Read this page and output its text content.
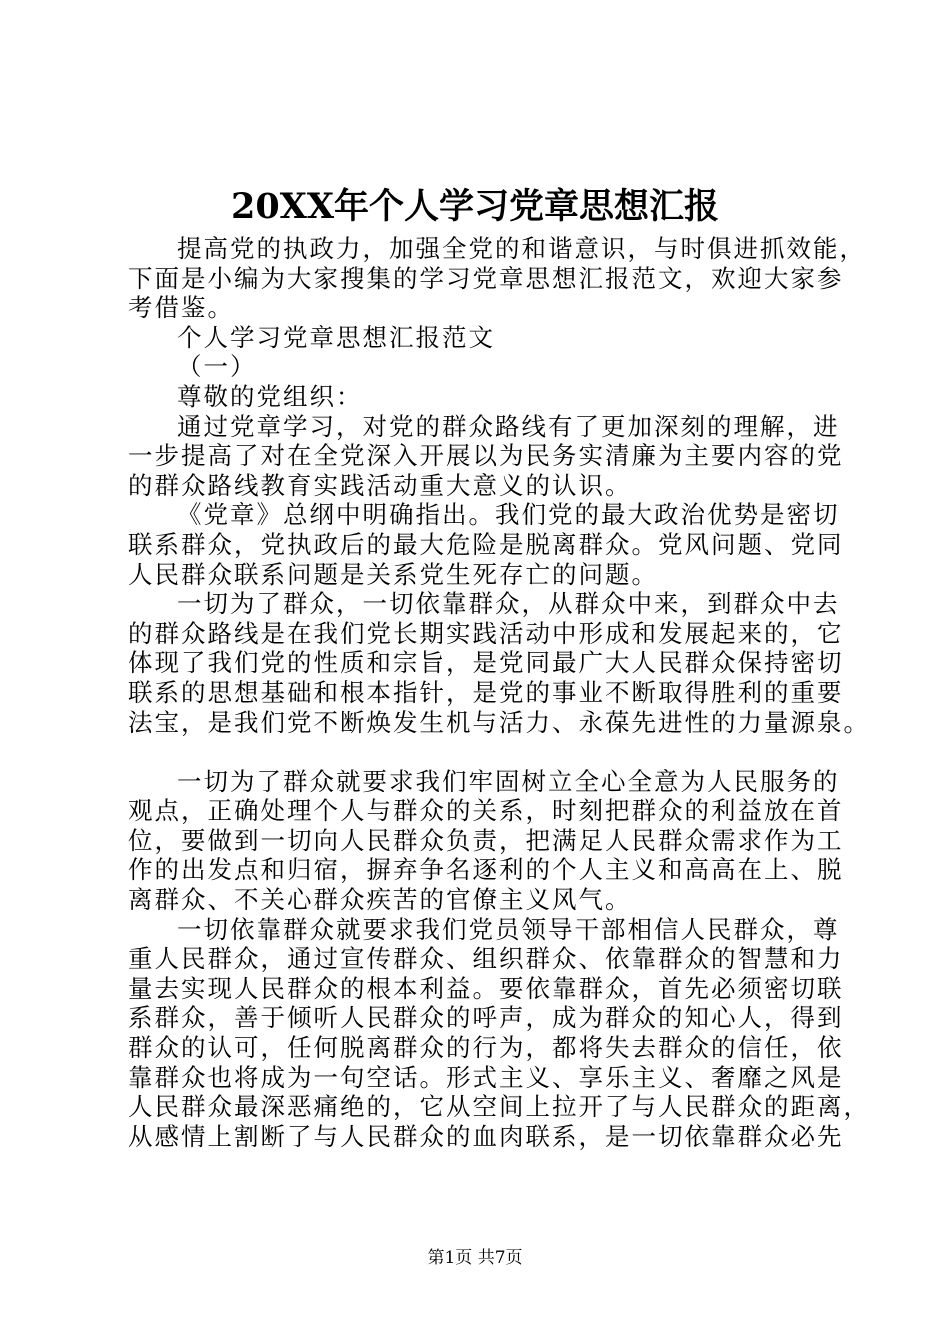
20XX年个人学习党章思想汇报

提高党的执政力，加强全党的和谐意识，与时俱进抓效能，
下面是小编为大家搜集的学习党章思想汇报范文，欢迎大家参
考借鉴。

个人学习党章思想汇报范文

（一）

尊敬的党组织：

通过党章学习，对党的群众路线有了更加深刻的理解，进
一步提高了对在全党深入开展以为民务实清廉为主要内容的党
的群众路线教育实践活动重大意义的认识。

《党章》总纲中明确指出。我们党的最大政治优势是密切
联系群众，党执政后的最大危险是脱离群众。党风问题、党同
人民群众联系问题是关系党生死存亡的问题。

一切为了群众，一切依靠群众，从群众中来，到群众中去
的群众路线是在我们党长期实践活动中形成和发展起来的，它
体现了我们党的性质和宗旨，是党同最广大人民群众保持密切
联系的思想基础和根本指针，是党的事业不断取得胜利的重要
法宝，是我们党不断焕发生机与活力、永葆先进性的力量源泉。

一切为了群众就要求我们牢固树立全心全意为人民服务的
观点，正确处理个人与群众的关系，时刻把群众的利益放在首
位，要做到一切向人民群众负责，把满足人民群众需求作为工
作的出发点和归宿，摒弃争名逐利的个人主义和高高在上、脱
离群众、不关心群众疾苦的官僚主义风气。

一切依靠群众就要求我们党员领导干部相信人民群众，尊
重人民群众，通过宣传群众、组织群众、依靠群众的智慧和力
量去实现人民群众的根本利益。要依靠群众，首先必须密切联
系群众，善于倾听人民群众的呼声，成为群众的知心人，得到
群众的认可，任何脱离群众的行为，都将失去群众的信任，依
靠群众也将成为一句空话。形式主义、享乐主义、奢靡之风是
人民群众最深恶痛绝的，它从空间上拉开了与人民群众的距离，
从感情上割断了与人民群众的血肉联系，是一切依靠群众必先

第1页 共7页
